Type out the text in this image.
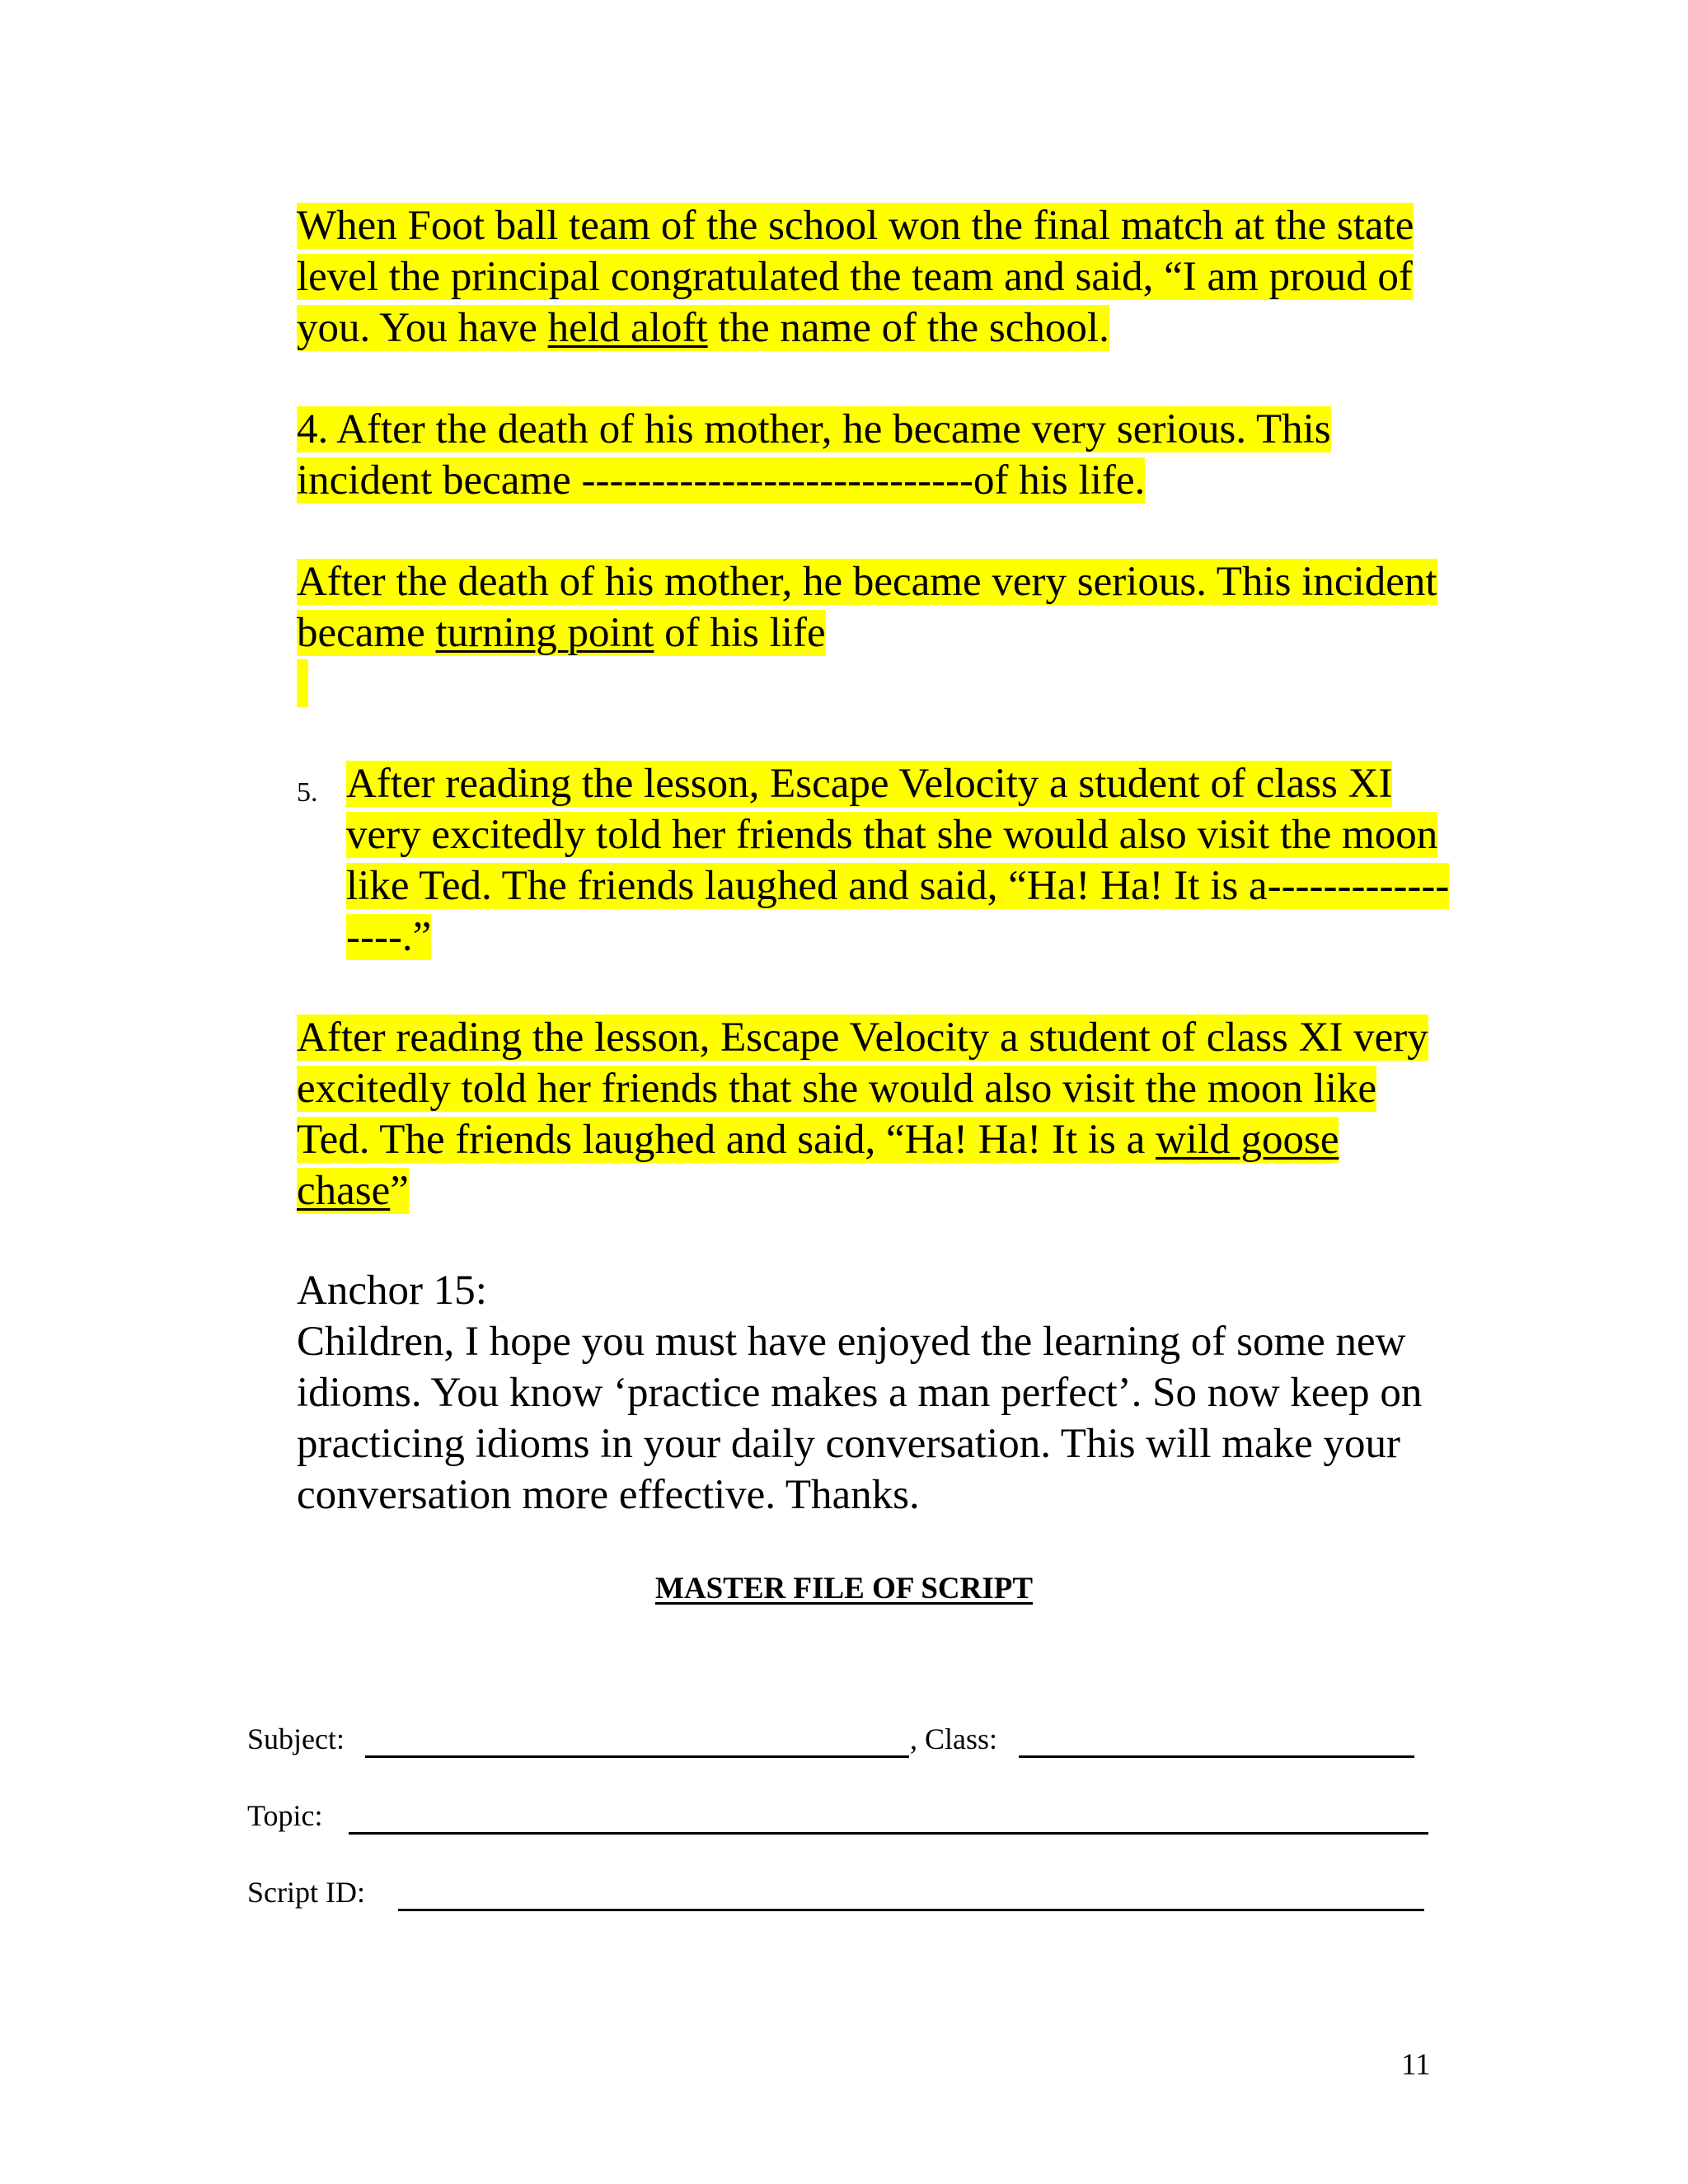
When Foot ball team of the school won the final match at the state level the principal congratulated the team and said, “I am proud of you. You have held aloft the name of the school.

4. After the death of his mother, he became very serious. This incident became ----------------------------of his life.

After the death of his mother, he became very serious. This incident became turning point of his life

5. After reading the lesson, Escape Velocity a student of class XI very excitedly told her friends that she would also visit the moon like Ted. The friends laughed and said, “Ha! Ha! It is a-----------------.”

After reading the lesson, Escape Velocity a student of class XI very excitedly told her friends that she would also visit the moon like Ted. The friends laughed and said, “Ha! Ha! It is a wild goose chase”

Anchor 15:

Children, I hope you must have enjoyed the learning of some new idioms. You know ‘practice makes a man perfect’. So now keep on practicing idioms in your daily conversation. This will make your conversation more effective. Thanks.

MASTER FILE OF SCRIPT
Subject:	, Class:
Topic:
Script ID:
11
